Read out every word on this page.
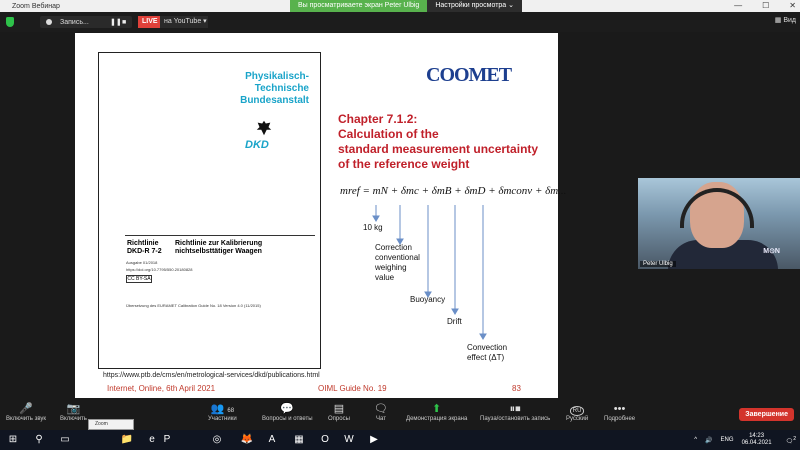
Zoom Вебинар	—	☐	✕
Вы просматриваете экран Peter Ulbig	Настройки просмотра ⌄
Запись...	❚❚ ■	LIVE на YouTube ▾	▦ Вид
Physikalisch-
Technische
Bundesanstalt
DKD
Richtlinie
DKD-R 7-2
Richtlinie zur Kalibrierung
nichtselbsttätiger Waagen
Ausgabe 01/2018
https://doi.org/10.7795/550.20180828
CC BY-SA
Übersetzung des EURAMET Calibration Guide No. 18 Version 4.0 (11/2015)
https://www.ptb.de/cms/en/metrological-services/dkd/publications.html
Internet, Online, 6th April 2021	OIML Guide No. 19	83
COOMET
Chapter 7.1.2:
Calculation of the
standard measurement uncertainty
of the reference weight
mref = mN + δmc + δmB + δmD + δmconv + δm...
10 kg
Correction
conventional
weighing
value
Buoyancy
Drift
Convection
effect (ΔT)
M⊙N
Peter Ulbig
🎤
Включить звук
📷
Включить
👥 68
Участники
💬
Вопросы и ответы
▤
Опросы
🗨
Чат
⬆
Демонстрация экрана
⏸⏹
Пауза/остановить запись
RU
Русский
•••
Подробнее
Завершение
Zoom
⊞	⚲	▭	📁	e P	◎ 🦊	A	▦	O	W	▶	^ 🔊 ENG
14:23
06.04.2021 🗨$^2$
